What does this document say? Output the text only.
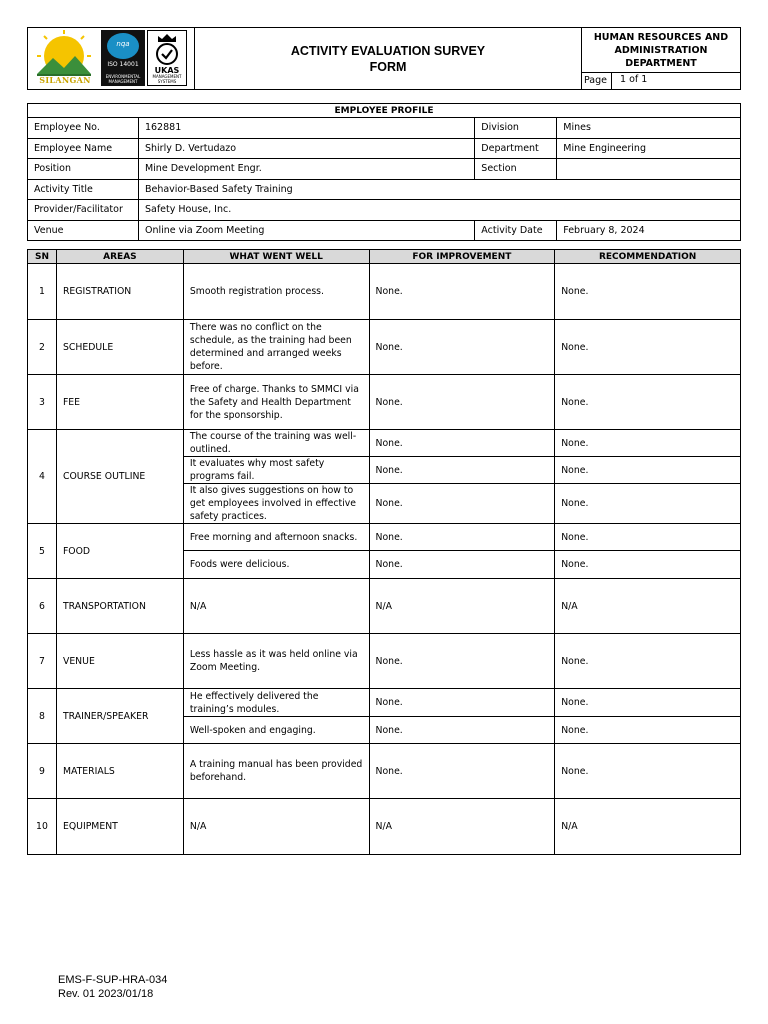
SILANGAN
nqa
ISO 14001
ENVIRONMENTAL MANAGEMENT
UKAS
MANAGEMENT SYSTEMS
ACTIVITY EVALUATION SURVEY
FORM
HUMAN RESOURCES AND ADMINISTRATION DEPARTMENT
Page	1 of 1
EMPLOYEE PROFILE			
Employee No.	162881	Division	Mines
Employee Name	Shirly D. Vertudazo	Department	Mine Engineering
Position	Mine Development Engr.	Section	
Activity Title	Behavior-Based Safety Training		
Provider/Facilitator	Safety House, Inc.		
Venue	Online via Zoom Meeting	Activity Date	February 8, 2024
SN	AREAS	WHAT WENT WELL	FOR IMPROVEMENT	RECOMMENDATION
1	REGISTRATION	Smooth registration process.	None.	None.
2	SCHEDULE	There was no conflict on the schedule, as the training had been determined and arranged weeks before.	None.	None.
3	FEE	Free of charge. Thanks to SMMCI via the Safety and Health Department for the sponsorship.	None.	None.
4	COURSE OUTLINE	The course of the training was well-outlined.	None.	None.
		It evaluates why most safety programs fail.	None.	None.
		It also gives suggestions on how to get employees involved in effective safety practices.	None.	None.
5	FOOD	Free morning and afternoon snacks.	None.	None.
		Foods were delicious.	None.	None.
6	TRANSPORTATION	N/A	N/A	N/A
7	VENUE	Less hassle as it was held online via Zoom Meeting.	None.	None.
8	TRAINER/SPEAKER	He effectively delivered the training’s modules.	None.	None.
		Well-spoken and engaging.	None.	None.
9	MATERIALS	A training manual has been provided beforehand.	None.	None.
10	EQUIPMENT	N/A	N/A	N/A
EMS-F-SUP-HRA-034
Rev. 01 2023/01/18
